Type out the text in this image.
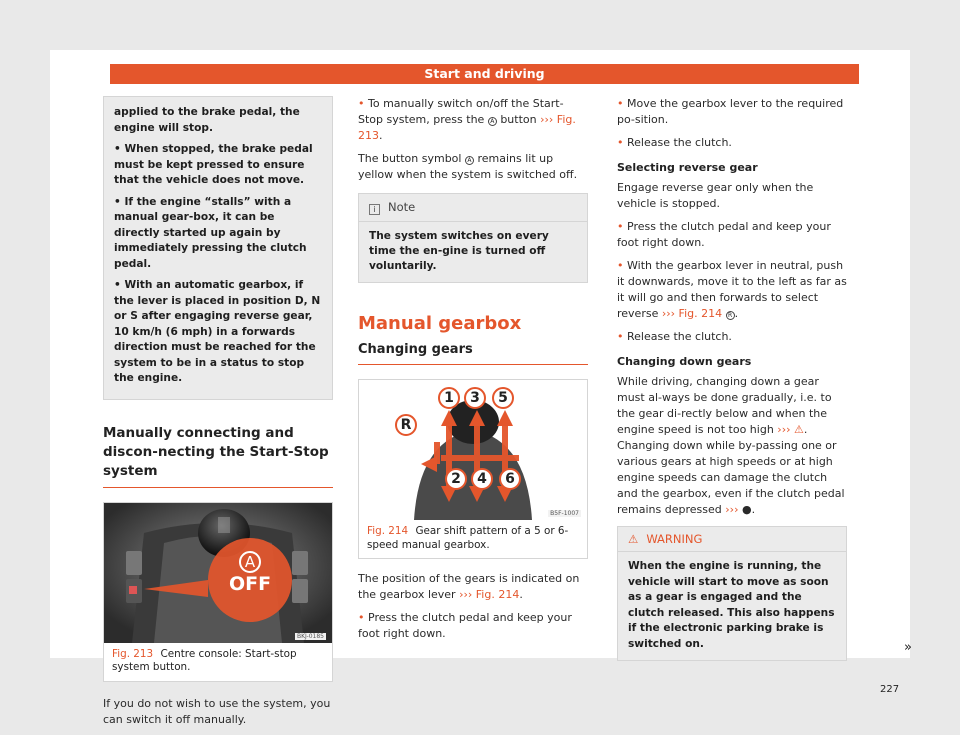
Start and driving

applied to the brake pedal, the engine will stop.

• When stopped, the brake pedal must be kept pressed to ensure that the vehicle does not move.

• If the engine “stalls” with a manual gear-box, it can be directly started up again by immediately pressing the clutch pedal.

• With an automatic gearbox, if the lever is placed in position D, N or S after engaging reverse gear, 10 km/h (6 mph) in a forwards direction must be reached for the system to be in a status to stop the engine.

Manually connecting and discon-necting the Start-Stop system
A
OFF
BKJ-0185
Fig. 213 Centre console: Start-stop system button.

If you do not wish to use the system, you can switch it off manually.

• To manually switch on/off the Start-Stop system, press the A button ››› Fig. 213.

The button symbol A remains lit up yellow when the system is switched off.

i Note
The system switches on every time the en-gine is turned off voluntarily.
Manual gearbox
Changing gears
1	3	5
R
2	4	6
B5F-1007
Fig. 214 Gear shift pattern of a 5 or 6-speed manual gearbox.

The position of the gears is indicated on the gearbox lever ››› Fig. 214.

• Press the clutch pedal and keep your foot right down.

• Move the gearbox lever to the required po-sition.

• Release the clutch.

Selecting reverse gear

Engage reverse gear only when the vehicle is stopped.

• Press the clutch pedal and keep your foot right down.

• With the gearbox lever in neutral, push it downwards, move it to the left as far as it will go and then forwards to select reverse ››› Fig. 214 R .

• Release the clutch.

Changing down gears

While driving, changing down a gear must al-ways be done gradually, i.e. to the gear di-rectly below and when the engine speed is not too high ››› ⚠. Changing down while by-passing one or various gears at high speeds or at high engine speeds can damage the clutch and the gearbox, even if the clutch pedal remains depressed ››› ●.

⚠ WARNING
When the engine is running, the vehicle will start to move as soon as a gear is engaged and the clutch released. This also happens if the electronic parking brake is switched on.	»
227
